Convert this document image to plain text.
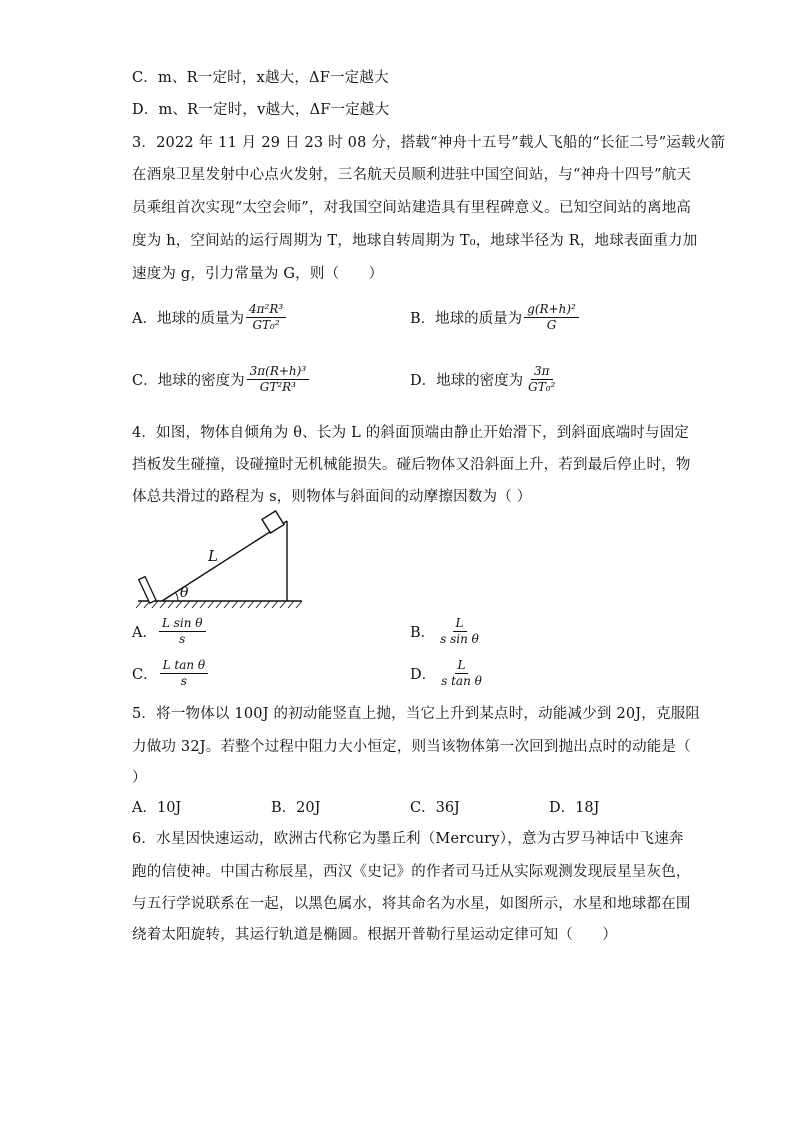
C．m、R一定时，x越大，ΔF一定越大
D．m、R一定时，v越大，ΔF一定越大
3．2022 年 11 月 29 日 23 时 08 分，搭载“神舟十五号”载人飞船的“长征二号”运载火箭
在酒泉卫星发射中心点火发射，三名航天员顺利进驻中国空间站，与“神舟十四号”航天
员乘组首次实现“太空会师”，对我国空间站建造具有里程碑意义。已知空间站的离地高
度为 h，空间站的运行周期为 T，地球自转周期为 T₀，地球半径为 R，地球表面重力加
速度为 g，引力常量为 G，则（　　）
A．地球的质量为 $\frac{\text{4π²R³}}{\text{GT₀²}}$	B．地球的质量为 $\frac{\text{g(R+h)²}}{G}$
C．地球的密度为 $\frac{\text{3π(R+h)³}}{\text{GT²R³}}$	D．地球的密度为 $\frac{3\pi}{\text{GT₀²}}$
4．如图，物体自倾角为 θ、长为 L 的斜面顶端由静止开始滑下，到斜面底端时与固定
挡板发生碰撞，设碰撞时无机械能损失。碰后物体又沿斜面上升，若到最后停止时，物
体总共滑过的路程为 s，则物体与斜面间的动摩擦因数为（ ）
θ
L
A． $\frac{\text{L sin θ}}{s}$	B． $\frac{L}{\text{s sin θ}}$
C． $\frac{\text{L tan θ}}{s}$	D． $\frac{L}{\text{s tan θ}}$
5．将一物体以 100J 的初动能竖直上抛，当它上升到某点时，动能减少到 20J，克服阻
力做功 32J。若整个过程中阻力大小恒定，则当该物体第一次回到抛出点时的动能是（
）
A．10J	B．20J	C．36J	D．18J
6．水星因快速运动，欧洲古代称它为墨丘利（Mercury），意为古罗马神话中飞速奔
跑的信使神。中国古称辰星，西汉《史记》的作者司马迁从实际观测发现辰星呈灰色，
与五行学说联系在一起，以黑色属水，将其命名为水星，如图所示，水星和地球都在围
绕着太阳旋转，其运行轨道是椭圆。根据开普勒行星运动定律可知（　　）
